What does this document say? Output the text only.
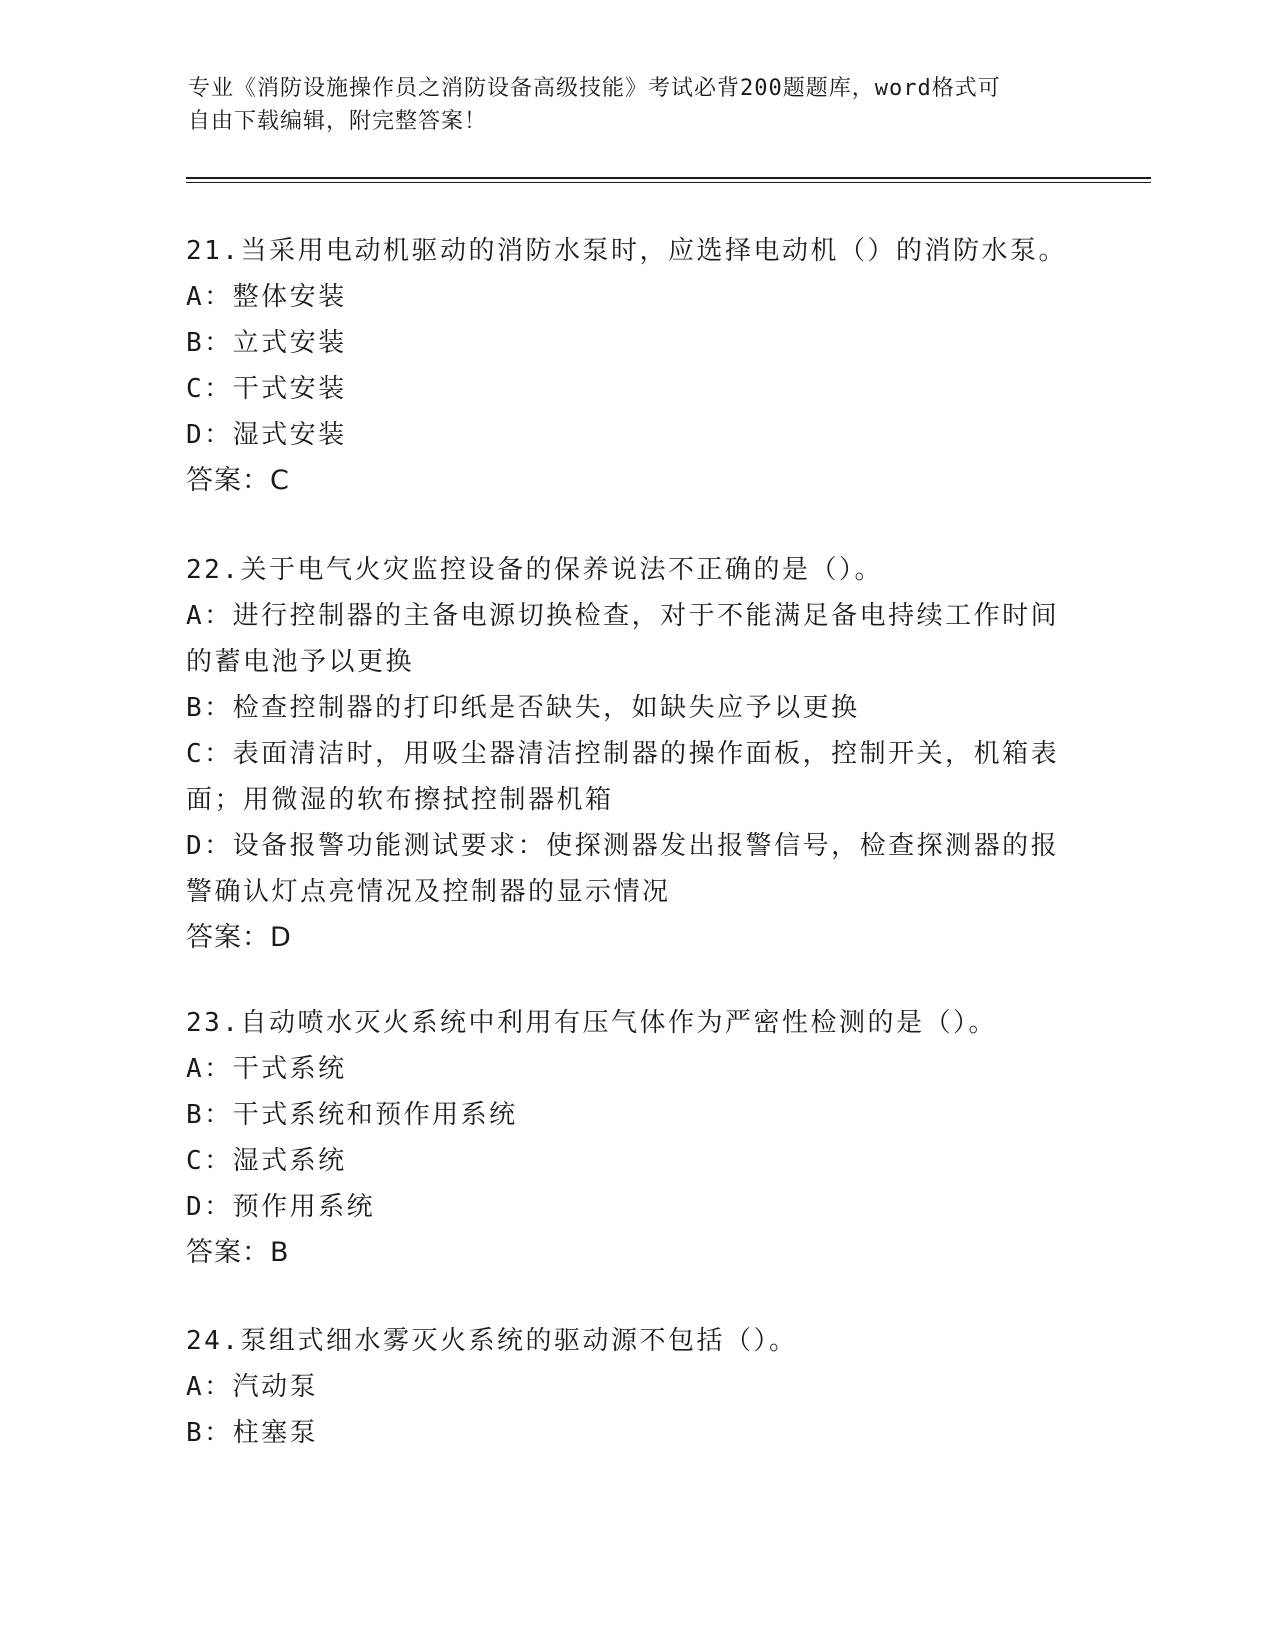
专业《消防设施操作员之消防设备高级技能》考试必背200题题库，word格式可
自由下载编辑，附完整答案！
21.当采用电动机驱动的消防水泵时，应选择电动机（）的消防水泵。
A：整体安装
B：立式安装
C：干式安装
D：湿式安装
答案：C
22.关于电气火灾监控设备的保养说法不正确的是（）。
A：进行控制器的主备电源切换检查，对于不能满足备电持续工作时间
的蓄电池予以更换
B：检查控制器的打印纸是否缺失，如缺失应予以更换
C：表面清洁时，用吸尘器清洁控制器的操作面板，控制开关，机箱表
面；用微湿的软布擦拭控制器机箱
D：设备报警功能测试要求：使探测器发出报警信号，检查探测器的报
警确认灯点亮情况及控制器的显示情况
答案：D
23.自动喷水灭火系统中利用有压气体作为严密性检测的是（）。
A：干式系统
B：干式系统和预作用系统
C：湿式系统
D：预作用系统
答案：B
24.泵组式细水雾灭火系统的驱动源不包括（）。
A：汽动泵
B：柱塞泵
